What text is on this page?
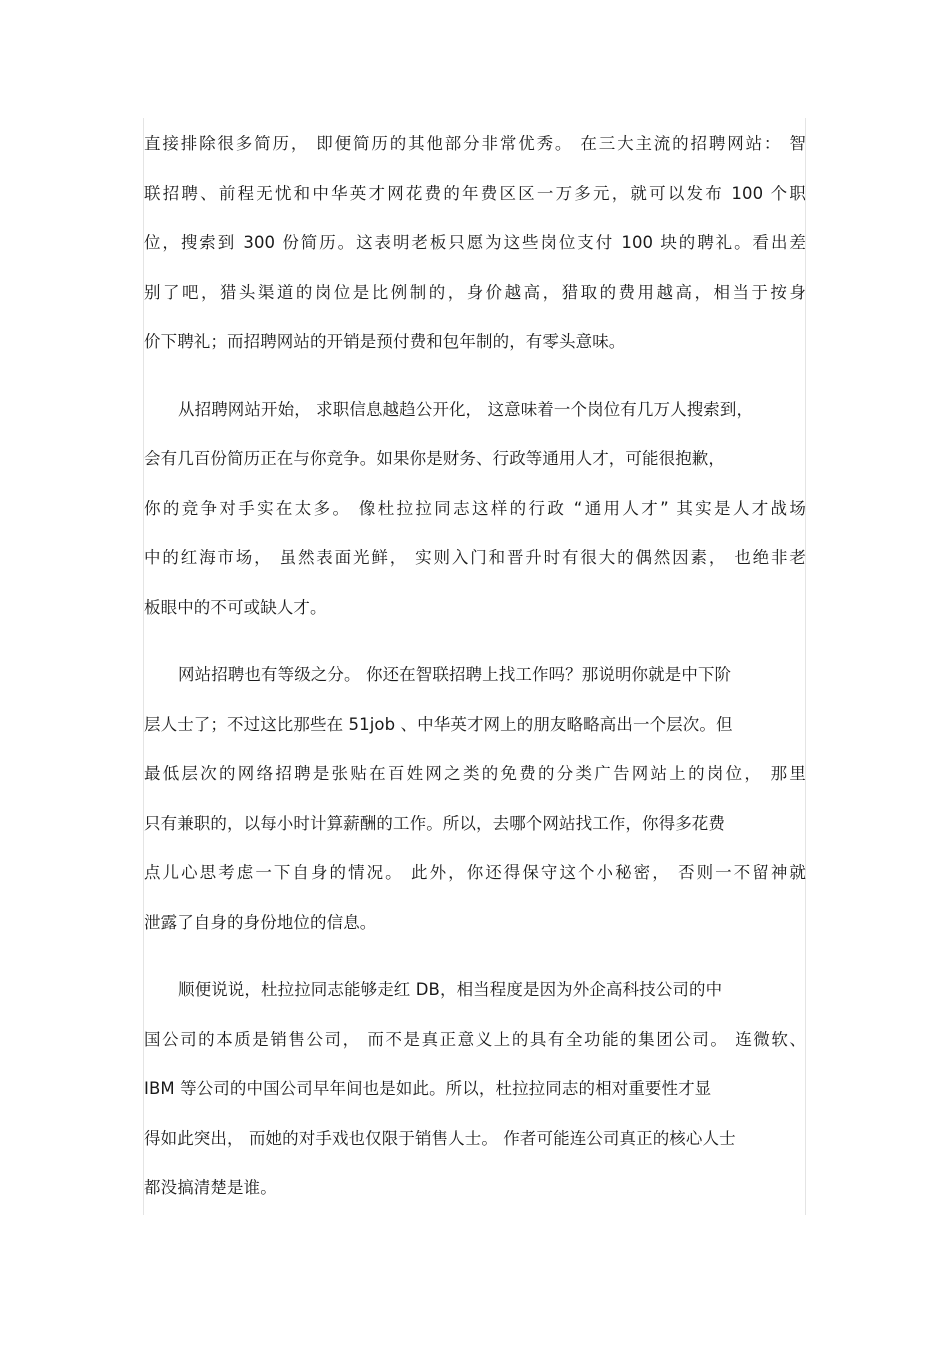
直接排除很多简历， 即便简历的其他部分非常优秀。 在三大主流的招聘网站： 智
联招聘、前程无忧和中华英才网花费的年费区区一万多元，就可以发布 100 个职
位，搜索到 300 份简历。这表明老板只愿为这些岗位支付 100 块的聘礼。看出差
别了吧，猎头渠道的岗位是比例制的，身价越高，猎取的费用越高，相当于按身
价下聘礼；而招聘网站的开销是预付费和包年制的，有零头意味。
从招聘网站开始， 求职信息越趋公开化， 这意味着一个岗位有几万人搜索到，
会有几百份简历正在与你竞争。如果你是财务、行政等通用人才，可能很抱歉，
你的竞争对手实在太多。 像杜拉拉同志这样的行政 “通用人才” 其实是人才战场
中的红海市场， 虽然表面光鲜， 实则入门和晋升时有很大的偶然因素， 也绝非老
板眼中的不可或缺人才。
网站招聘也有等级之分。 你还在智联招聘上找工作吗？那说明你就是中下阶
层人士了；不过这比那些在 51job 、中华英才网上的朋友略略高出一个层次。但
最低层次的网络招聘是张贴在百姓网之类的免费的分类广告网站上的岗位， 那里
只有兼职的，以每小时计算薪酬的工作。所以，去哪个网站找工作，你得多花费
点儿心思考虑一下自身的情况。 此外，你还得保守这个小秘密， 否则一不留神就
泄露了自身的身份地位的信息。
顺便说说，杜拉拉同志能够走红 DB，相当程度是因为外企高科技公司的中
国公司的本质是销售公司， 而不是真正意义上的具有全功能的集团公司。 连微软、
IBM 等公司的中国公司早年间也是如此。所以，杜拉拉同志的相对重要性才显
得如此突出， 而她的对手戏也仅限于销售人士。 作者可能连公司真正的核心人士
都没搞清楚是谁。
